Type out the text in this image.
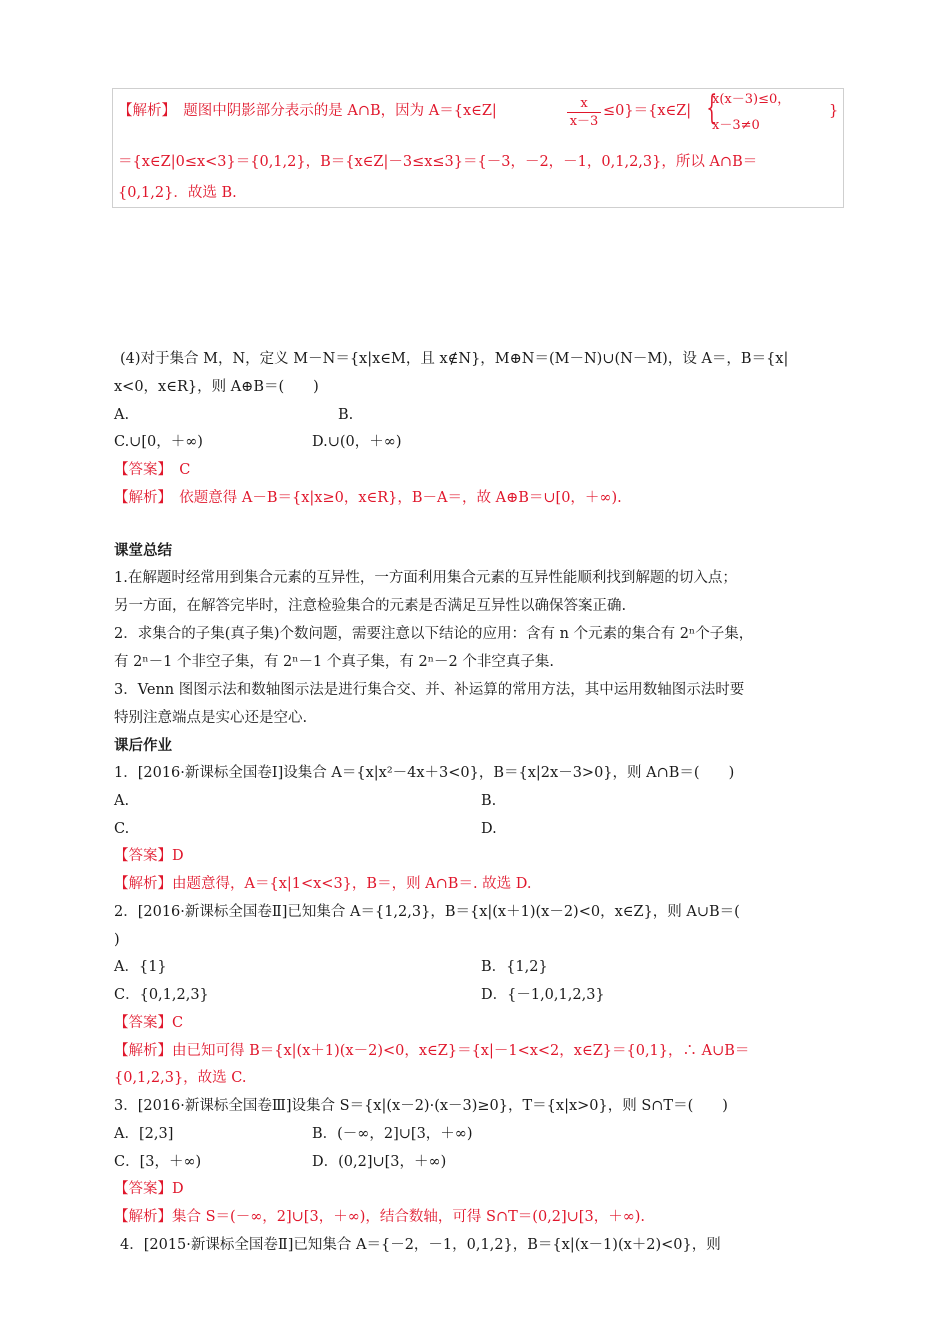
【解析】　题图中阴影部分表示的是 A∩B，因为 A＝{x∈Z|	x
x－3
≤0}＝{x∈Z| {
x(x－3)≤0，
x－3≠0
}
＝{x∈Z|0≤x<3}＝{0,1,2}，B＝{x∈Z|－3≤x≤3}＝{－3，－2，－1，0,1,2,3}，所以 A∩B＝
{0,1,2}．故选 B.
(4)对于集合 M，N，定义 M－N＝{x|x∈M，且 x∉N}，M⊕N＝(M－N)∪(N－M)，设 A＝，B＝{x|
x<0，x∈R}，则 A⊕B＝(　　)
A.	B.
C.∪[0，＋∞)	D.∪(0，＋∞)
【答案】　C
【解析】　依题意得 A－B＝{x|x≥0，x∈R}，B－A＝，故 A⊕B＝∪[0，＋∞).
课堂总结
1.在解题时经常用到集合元素的互异性，一方面利用集合元素的互异性能顺利找到解题的切入点；
另一方面，在解答完毕时，注意检验集合的元素是否满足互异性以确保答案正确.
2．求集合的子集(真子集)个数问题，需要注意以下结论的应用：含有 n 个元素的集合有 2ⁿ个子集，
有 2ⁿ－1 个非空子集，有 2ⁿ－1 个真子集，有 2ⁿ－2 个非空真子集.
3．Venn 图图示法和数轴图示法是进行集合交、并、补运算的常用方法，其中运用数轴图示法时要
特别注意端点是实心还是空心.
课后作业
1．[2016·新课标全国卷Ⅰ]设集合 A＝{x|x²－4x＋3<0}，B＝{x|2x－3>0}，则 A∩B＝(　　)
A.	B.
C.	D.
【答案】D
【解析】由题意得，A＝{x|1<x<3}，B＝，则 A∩B＝. 故选 D.
2．[2016·新课标全国卷Ⅱ]已知集合 A＝{1,2,3}，B＝{x|(x＋1)(x－2)<0，x∈Z}，则 A∪B＝(
)
A．{1}	B．{1,2}
C．{0,1,2,3}	D．{－1,0,1,2,3}
【答案】C
【解析】由已知可得 B＝{x|(x＋1)(x－2)<0，x∈Z}＝{x|－1<x<2，x∈Z}＝{0,1}，∴ A∪B＝
{0,1,2,3}，故选 C.
3．[2016·新课标全国卷Ⅲ]设集合 S＝{x|(x－2)·(x－3)≥0}，T＝{x|x>0}，则 S∩T＝(　　)
A．[2,3]	B．(－∞，2]∪[3，＋∞)
C．[3，＋∞)	D．(0,2]∪[3，＋∞)
【答案】D
【解析】集合 S＝(－∞，2]∪[3，＋∞)，结合数轴，可得 S∩T＝(0,2]∪[3，＋∞).
4．[2015·新课标全国卷Ⅱ]已知集合 A＝{－2，－1，0,1,2}，B＝{x|(x－1)(x＋2)<0}，则
